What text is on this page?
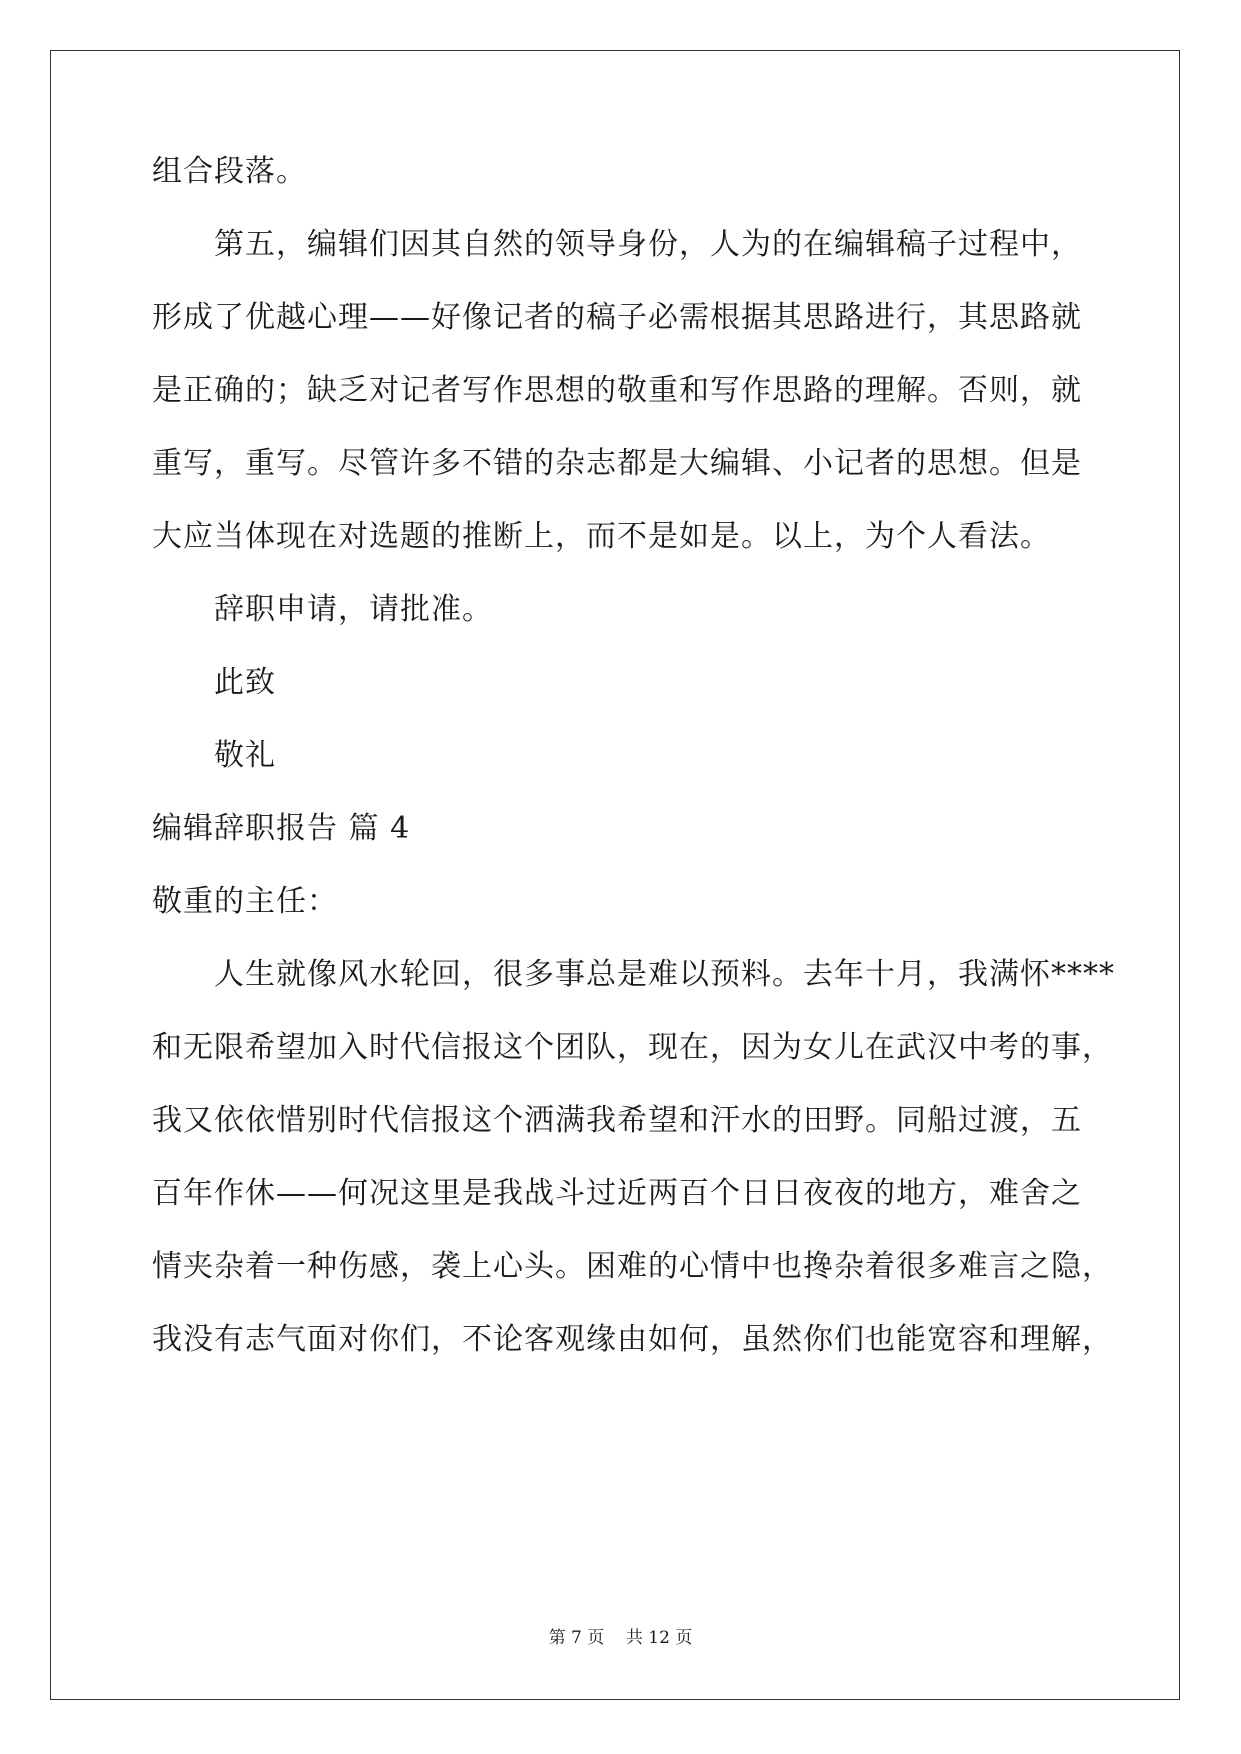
组合段落。
第五，编辑们因其自然的领导身份，人为的在编辑稿子过程中，
形成了优越心理——好像记者的稿子必需根据其思路进行，其思路就
是正确的；缺乏对记者写作思想的敬重和写作思路的理解。否则，就
重写，重写。尽管许多不错的杂志都是大编辑、小记者的思想。但是
大应当体现在对选题的推断上，而不是如是。以上，为个人看法。
辞职申请，请批准。
此致
敬礼
编辑辞职报告 篇 4
敬重的主任：
人生就像风水轮回，很多事总是难以预料。去年十月，我满怀****
和无限希望加入时代信报这个团队，现在，因为女儿在武汉中考的事，
我又依依惜别时代信报这个洒满我希望和汗水的田野。同船过渡，五
百年作休——何况这里是我战斗过近两百个日日夜夜的地方，难舍之
情夹杂着一种伤感，袭上心头。困难的心情中也搀杂着很多难言之隐，
我没有志气面对你们，不论客观缘由如何，虽然你们也能宽容和理解，
第 7 页    共 12 页
